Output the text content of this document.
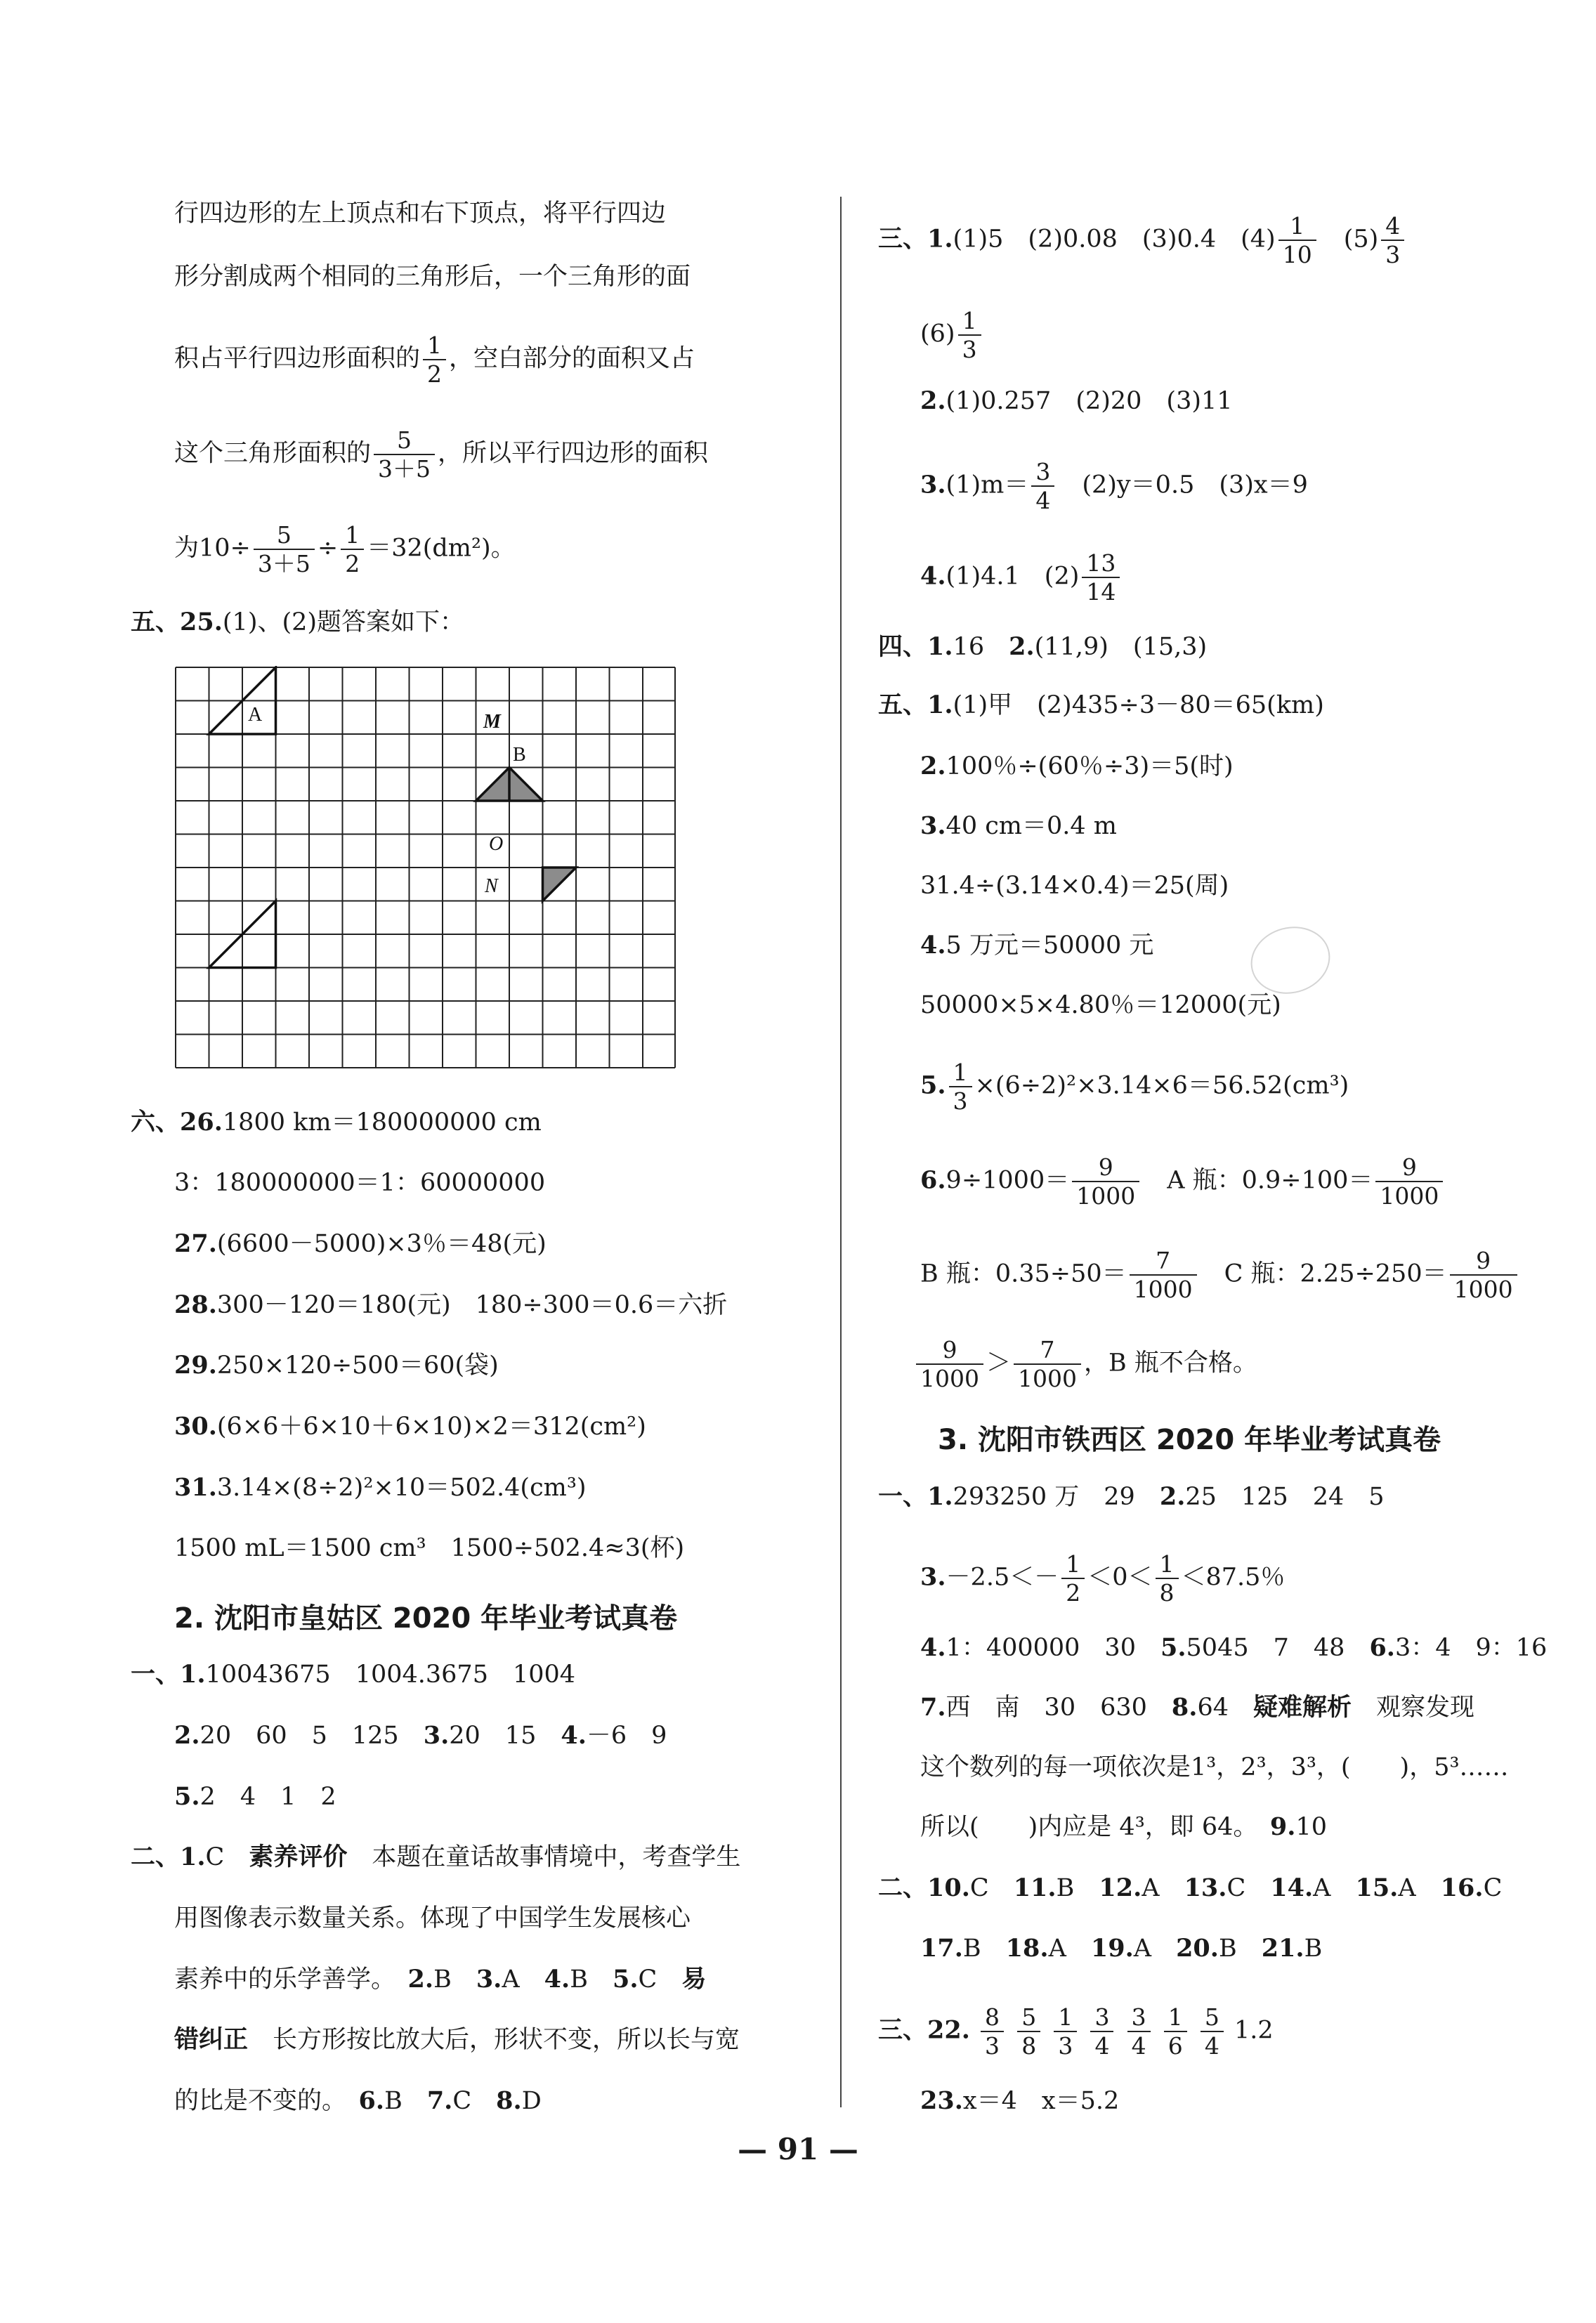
行四边形的左上顶点和右下顶点，将平行四边
形分割成两个相同的三角形后，一个三角形的面
积占平行四边形面积的 $\frac{1}{2}$ ，空白部分的面积又占
这个三角形面积的 $\frac{5}{3+5}$ ，所以平行四边形的面积
为$10\div \frac{5}{3+5} \div \frac{1}{2} =32(dm^2)$。
五、25.(1)、(2)题答案如下：
A	M
B
O
N
六、26.1800 km＝180000000 cm
3：180000000＝1：60000000
27.(6600－5000)×3％＝48(元)
28.300－120＝180(元)　180÷300＝0.6＝六折
29.250×120÷500＝60(袋)
30.(6×6＋6×10＋6×10)×2＝312(cm²)
31.3.14×(8÷2)²×10＝502.4(cm³)
1500 mL＝1500 cm³　1500÷502.4≈3(杯)
2. 沈阳市皇姑区 2020 年毕业考试真卷
一、1.10043675　1004.3675　1004
2.20　60　5　125　 3.20　15　 4.－6　9
5.2　4　1　2
二、1.C　 素养评价　 本题在童话故事情境中，考查学生
用图像表示数量关系。体现了中国学生发展核心
素养中的乐学善学。　 2.B　 3.A　 4.B　 5.C　 易
错纠正　 长方形按比放大后，形状不变，所以长与宽
的比是不变的。　 6.B　 7.C　 8.D
三、1.(1)5　(2)0.08　(3)0.4　$(4) \frac{1}{10}$ 　$(5) \frac{4}{3}$
$(6) \frac{1}{3}$
2.(1)0.257　(2)20　(3)11
$3.(1)m= \frac{3}{4}$ 　(2)y＝0.5　(3)x＝9
4.(1)4.1　$(2) \frac{13}{14}$
四、1.16　 2.(11,9)　(15,3)
五、1.(1)甲　(2)435÷3－80＝65(km)
2.100％÷(60％÷3)＝5(时)
3.40 cm＝0.4 m
31.4÷(3.14×0.4)＝25(周)
4.5 万元＝50000 元
50000×5×4.80％＝12000(元)
5. $\frac{1}{3} \times(6\div 2)^2\times 3.14\times 6=56.52(cm^3)$
$6.9\div 1000= \frac{9}{1000}$ 　A 瓶：$0.9\div 100= \frac{9}{1000}$
B 瓶：$0.35\div 50= \frac{7}{1000}$ 　C 瓶：$2.25\div 250= \frac{9}{1000}$
$\frac{9}{1000} > \frac{7}{1000}$ ，B 瓶不合格。
3. 沈阳市铁西区 2020 年毕业考试真卷
一、1.293250 万　29　 2.25　125　24　5
$3.-2.5<- \frac{1}{2} <0< \frac{1}{8} <87.5$％
4.1：400000　30　 5.5045　7　48　 6.3：4　9：16
7.西　南　30　630　 8.64　 疑难解析　 观察发现
这个数列的每一项依次是1³，2³，3³，(　　)，5³……
所以(　　)内应是 4³，即 64。　 9.10
二、10.C　 11.B　 12.A　 13.C　 14.A　 15.A　 16.C
17.B　 18.A　 19.A　 20.B　 21.B
三、22. $\frac{8}{3}$
$\frac{5}{8}$
$\frac{1}{3}$
$\frac{3}{4}$
$\frac{3}{4}$
$\frac{1}{6}$
$\frac{5}{4} 1.2$
23.x＝4　x＝5.2
— 91 —
